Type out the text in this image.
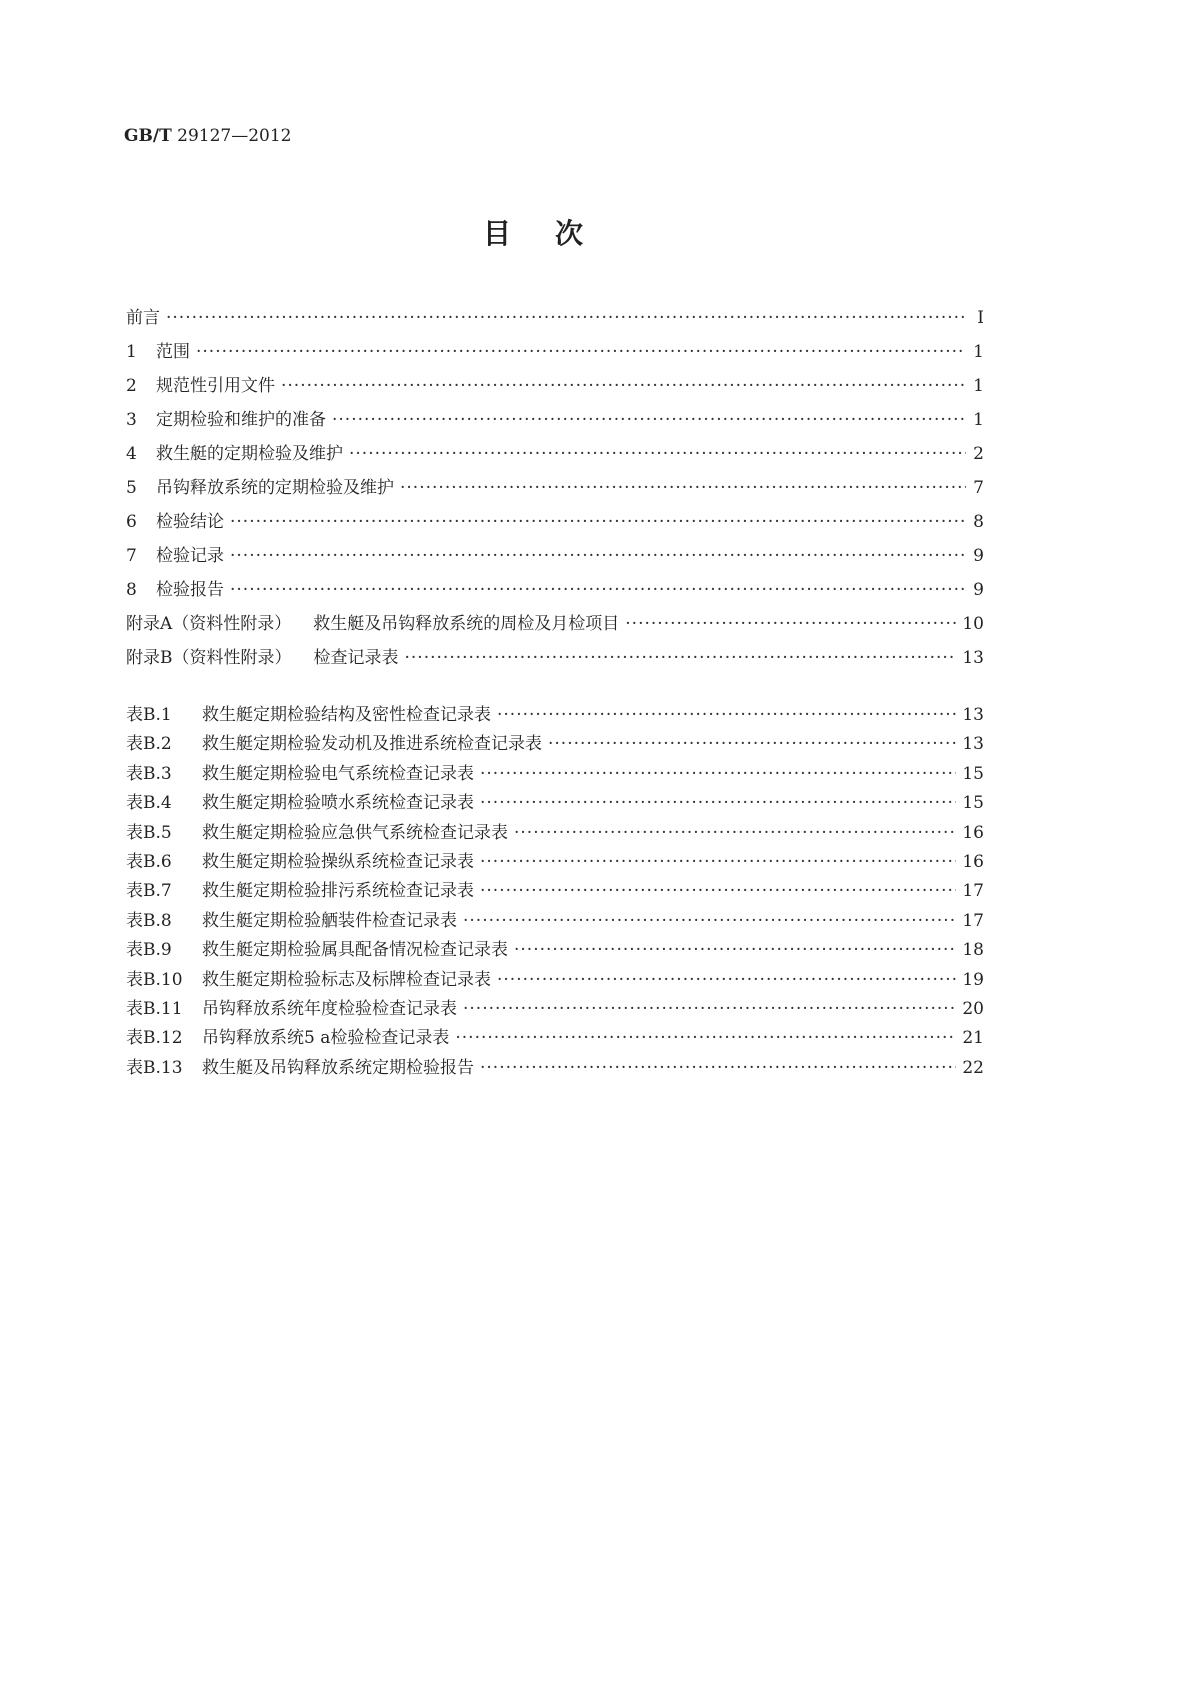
GB/T 29127—2012
目次
前言 ·····	Ⅰ
1	范围 ·····	1
2	规范性引用文件 ·····	1
3	定期检验和维护的准备 ·····	1
4	救生艇的定期检验及维护 ·····	2
5	吊钩释放系统的定期检验及维护 ·····	7
6	检验结论 ·····	8
7	检验记录 ·····	9
8	检验报告 ·····	9
附录A（资料性附录） 救生艇及吊钩释放系统的周检及月检项目 ·····	10
附录B（资料性附录） 检查记录表 ·····	13
表B.1	救生艇定期检验结构及密性检查记录表 ·····	13
表B.2	救生艇定期检验发动机及推进系统检查记录表 ·····	13
表B.3	救生艇定期检验电气系统检查记录表 ·····	15
表B.4	救生艇定期检验喷水系统检查记录表 ·····	15
表B.5	救生艇定期检验应急供气系统检查记录表 ·····	16
表B.6	救生艇定期检验操纵系统检查记录表 ·····	16
表B.7	救生艇定期检验排污系统检查记录表 ·····	17
表B.8	救生艇定期检验舾装件检查记录表 ·····	17
表B.9	救生艇定期检验属具配备情况检查记录表 ·····	18
表B.10	救生艇定期检验标志及标牌检查记录表 ·····	19
表B.11	吊钩释放系统年度检验检查记录表 ·····	20
表B.12	吊钩释放系统5 a检验检查记录表 ·····	21
表B.13	救生艇及吊钩释放系统定期检验报告 ·····	22
